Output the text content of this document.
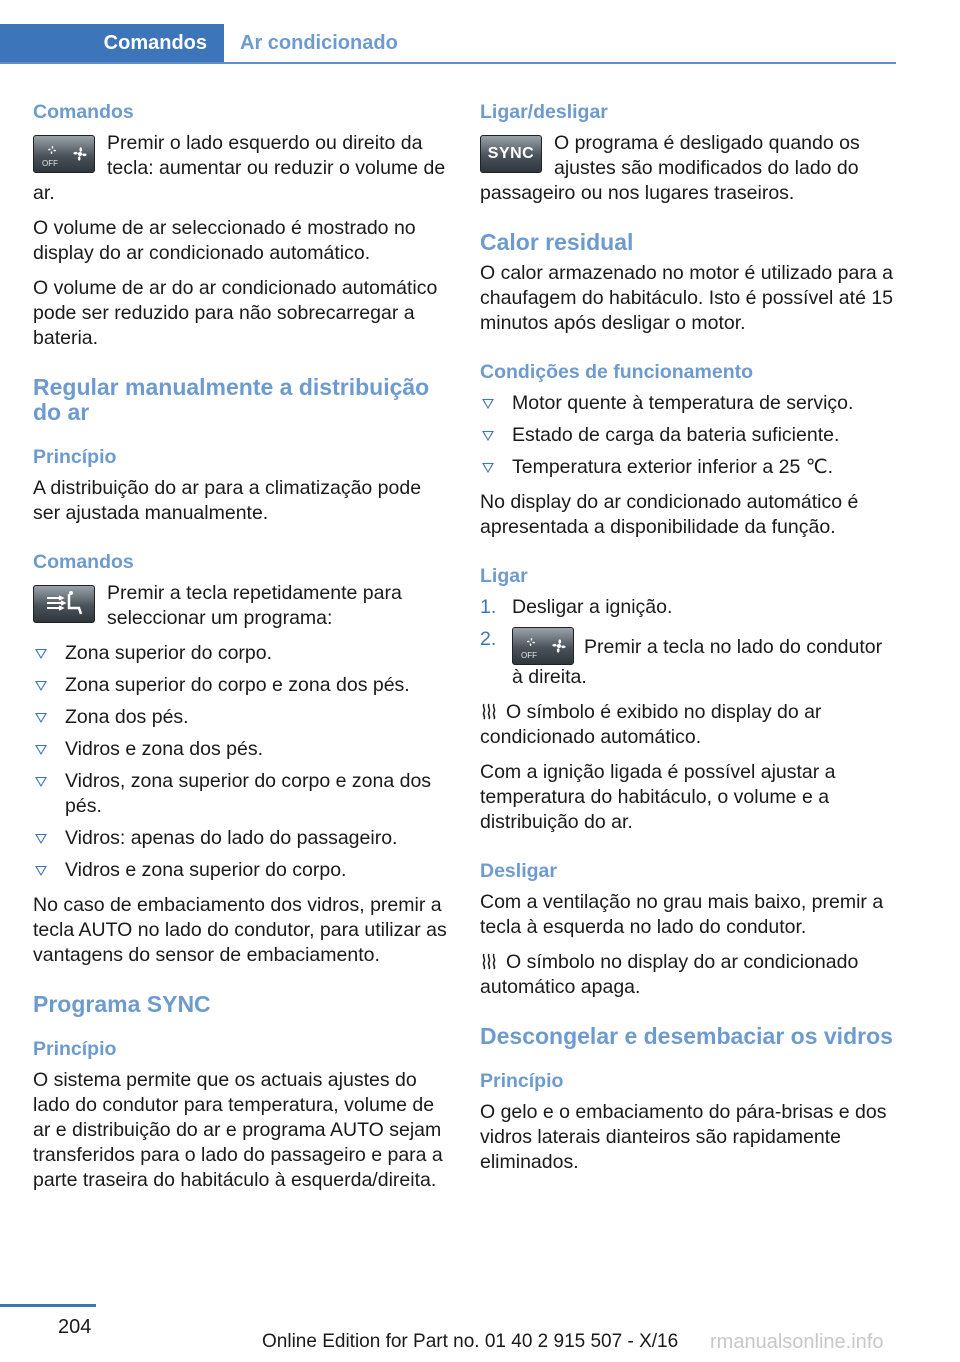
Comandos	Ar condicionado
Comandos
OFF

Premir o lado esquerdo ou direito da tecla: aumentar ou reduzir o volume de ar.

O volume de ar seleccionado é mostrado no display do ar condicionado automático.

O volume de ar do ar condicionado automático pode ser reduzido para não sobrecarregar a bateria.

Regular manualmente a distribuição do ar
Princípio

A distribuição do ar para a climatização pode ser ajustada manualmente.

Comandos

Premir a tecla repetidamente para seleccionar um programa:

Zona superior do corpo.
Zona superior do corpo e zona dos pés.
Zona dos pés.
Vidros e zona dos pés.
Vidros, zona superior do corpo e zona dos pés.
Vidros: apenas do lado do passageiro.
Vidros e zona superior do corpo.

No caso de embaciamento dos vidros, premir a tecla AUTO no lado do condutor, para utilizar as vantagens do sensor de embaciamento.

Programa SYNC
Princípio

O sistema permite que os actuais ajustes do lado do condutor para temperatura, volume de ar e distribuição do ar e programa AUTO sejam transferidos para o lado do passageiro e para a parte traseira do habitáculo à esquerda/direita.

Ligar/desligar
SYNC	O programa é desligado quando os ajustes são modificados do lado do passageiro ou nos lugares traseiros.

Calor residual

O calor armazenado no motor é utilizado para a chaufagem do habitáculo. Isto é possível até 15 minutos após desligar o motor.

Condições de funcionamento
Motor quente à temperatura de serviço.
Estado de carga da bateria suficiente.
Temperatura exterior inferior a 25 ℃.

No display do ar condicionado automático é apresentada a disponibilidade da função.

Ligar
1. Desligar a ignição.
2.
OFF Premir a tecla no lado do condutor à direita.

O símbolo é exibido no display do ar condicionado automático.

Com a ignição ligada é possível ajustar a temperatura do habitáculo, o volume e a distribuição do ar.

Desligar

Com a ventilação no grau mais baixo, premir a tecla à esquerda no lado do condutor.

O símbolo no display do ar condicionado automático apaga.

Descongelar e desembaciar os vidros
Princípio

O gelo e o embaciamento do pára-brisas e dos vidros laterais dianteiros são rapidamente eliminados.

204
Online Edition for Part no. 01 40 2 915 507 - X/16 rmanualsonline.info
